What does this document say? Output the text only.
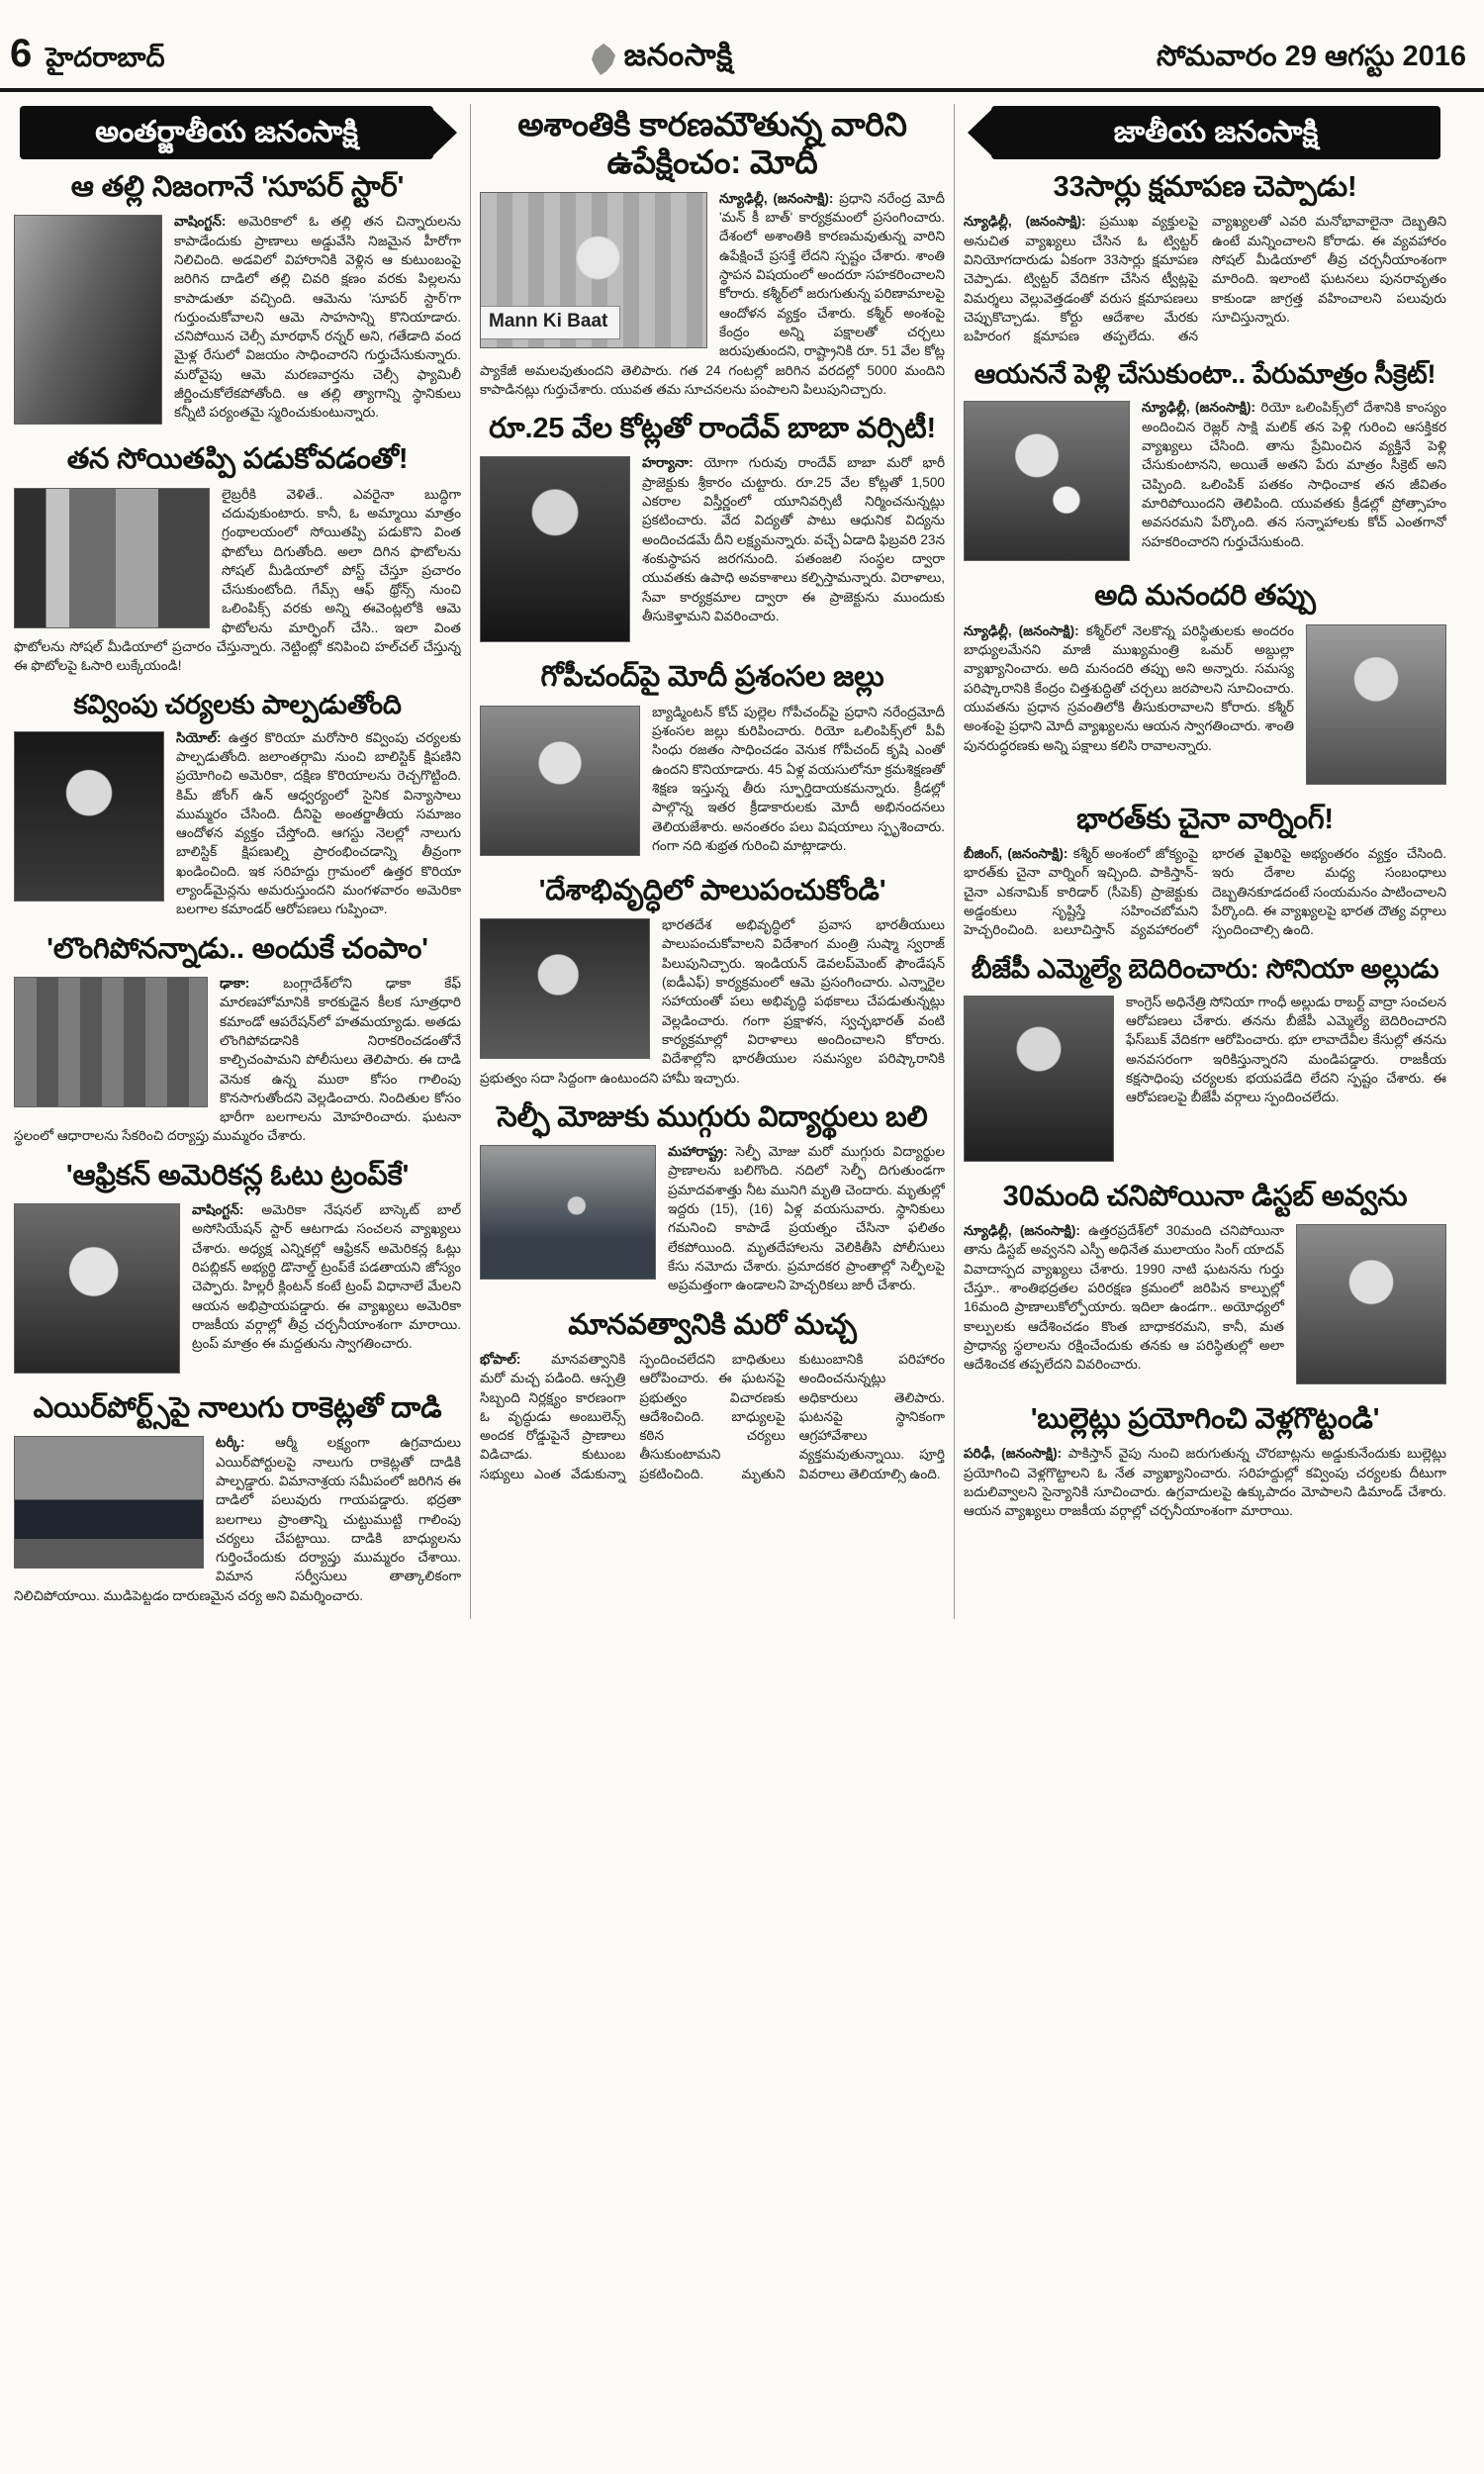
6 హైదరాబాద్	జనంసాక్షి	సోమవారం 29 ఆగస్టు 2016
అంతర్జాతీయ జనంసాక్షి
ఆ తల్లి నిజంగానే 'సూపర్ స్టార్'
వాషింగ్టన్: అమెరికాలో ఓ తల్లి తన చిన్నారులను కాపాడేందుకు ప్రాణాలు అడ్డువేసి నిజమైన హీరోగా నిలిచింది. అడవిలో విహారానికి వెళ్లిన ఆ కుటుంబంపై జరిగిన దాడిలో తల్లి చివరి క్షణం వరకు పిల్లలను కాపాడుతూ వచ్చింది. ఆమెను 'సూపర్ స్టార్'గా గుర్తుంచుకోవాలని ఆమె సాహసాన్ని కొనియాడారు. చనిపోయిన చెల్సీ మారథాన్ రన్నర్ అని, గతేడాది వంద మైళ్ల రేసులో విజయం సాధించారని గుర్తుచేసుకున్నారు. మరోవైపు ఆమె మరణవార్తను చెల్సీ ఫ్యామిలీ జీర్ణించుకోలేకపోతోంది. ఆ తల్లి త్యాగాన్ని స్థానికులు కన్నీటి పర్యంతమై స్మరించుకుంటున్నారు.
తన సోయితప్పి పడుకోవడంతో!
లైబ్రరీకి వెళితే.. ఎవరైనా బుద్ధిగా చదువుకుంటారు. కానీ, ఓ అమ్మాయి మాత్రం గ్రంథాలయంలో సోయితప్పి పడుకొని వింత ఫొటోలు దిగుతోంది. అలా దిగిన ఫొటోలను సోషల్ మీడియాలో పోస్ట్ చేస్తూ ప్రచారం చేసుకుంటోంది. గేమ్స్ ఆఫ్ థ్రోన్స్ నుంచి ఒలింపిక్స్ వరకు అన్ని ఈవెంట్లలోకి ఆమె ఫొటోలను మార్ఫింగ్ చేసి.. ఇలా వింత ఫొటోలను సోషల్ మీడియాలో ప్రచారం చేస్తున్నారు. నెట్టింట్లో కనిపించి హల్‌చల్ చేస్తున్న ఈ ఫొటోలపై ఓసారి లుక్కేయండి!
కవ్వింపు చర్యలకు పాల్పడుతోంది
సియోల్: ఉత్తర కొరియా మరోసారి కవ్వింపు చర్యలకు పాల్పడుతోంది. జలాంతర్గామి నుంచి బాలిస్టిక్ క్షిపణిని ప్రయోగించి అమెరికా, దక్షిణ కొరియాలను రెచ్చగొట్టింది. కిమ్ జోంగ్ ఉన్ ఆధ్వర్యంలో సైనిక విన్యాసాలు ముమ్మరం చేసింది. దీనిపై అంతర్జాతీయ సమాజం ఆందోళన వ్యక్తం చేస్తోంది. ఆగస్టు నెలల్లో నాలుగు బాలిస్టిక్ క్షిపణుల్ని ప్రారంభించడాన్ని తీవ్రంగా ఖండించింది. ఇక సరిహద్దు గ్రామంలో ఉత్తర కొరియా ల్యాండ్‌మైన్లను అమరుస్తుందని మంగళవారం అమెరికా బలగాల కమాండర్ ఆరోపణలు గుప్పించా.
'లొంగిపోనన్నాడు.. అందుకే చంపాం'
ఢాకా: బంగ్లాదేశ్‌లోని ఢాకా కేఫ్ మారణహోమానికి కారకుడైన కీలక సూత్రధారి కమాండో ఆపరేషన్‌లో హతమయ్యాడు. అతడు లొంగిపోవడానికి నిరాకరించడంతోనే కాల్చిచంపామని పోలీసులు తెలిపారు. ఈ దాడి వెనుక ఉన్న ముఠా కోసం గాలింపు కొనసాగుతోందని వెల్లడించారు. నిందితుల కోసం భారీగా బలగాలను మోహరించారు. ఘటనా స్థలంలో ఆధారాలను సేకరించి దర్యాప్తు ముమ్మరం చేశారు.
'ఆఫ్రికన్ అమెరికన్ల ఓటు ట్రంప్‌కే'
వాషింగ్టన్: అమెరికా నేషనల్ బాస్కెట్ బాల్ అసోసియేషన్ స్టార్ ఆటగాడు సంచలన వ్యాఖ్యలు చేశారు. అధ్యక్ష ఎన్నికల్లో ఆఫ్రికన్ అమెరికన్ల ఓట్లు రిపబ్లికన్ అభ్యర్థి డొనాల్డ్ ట్రంప్‌కే పడతాయని జోస్యం చెప్పారు. హిల్లరీ క్లింటన్ కంటే ట్రంప్ విధానాలే మేలని ఆయన అభిప్రాయపడ్డారు. ఈ వ్యాఖ్యలు అమెరికా రాజకీయ వర్గాల్లో తీవ్ర చర్చనీయాంశంగా మారాయి. ట్రంప్ మాత్రం ఈ మద్దతును స్వాగతించారు.
ఎయిర్‌పోర్ట్స్‌పై నాలుగు రాకెట్లతో దాడి
టర్కీ: ఆర్మీ లక్ష్యంగా ఉగ్రవాదులు ఎయిర్‌పోర్టులపై నాలుగు రాకెట్లతో దాడికి పాల్పడ్డారు. విమానాశ్రయ సమీపంలో జరిగిన ఈ దాడిలో పలువురు గాయపడ్డారు. భద్రతా బలగాలు ప్రాంతాన్ని చుట్టుముట్టి గాలింపు చర్యలు చేపట్టాయి. దాడికి బాధ్యులను గుర్తించేందుకు దర్యాప్తు ముమ్మరం చేశాయి. విమాన సర్వీసులు తాత్కాలికంగా నిలిచిపోయాయి. ముడిపెట్టడం దారుణమైన చర్య అని విమర్శించారు.
అశాంతికి కారణమౌతున్న వారిని ఉపేక్షించం: మోదీ
Mann Ki Baat
న్యూఢిల్లీ, (జనంసాక్షి): ప్రధాని నరేంద్ర మోదీ 'మన్ కీ బాత్' కార్యక్రమంలో ప్రసంగించారు. దేశంలో అశాంతికి కారణమవుతున్న వారిని ఉపేక్షించే ప్రసక్తే లేదని స్పష్టం చేశారు. శాంతి స్థాపన విషయంలో అందరూ సహకరించాలని కోరారు. కశ్మీర్‌లో జరుగుతున్న పరిణామాలపై ఆందోళన వ్యక్తం చేశారు. కశ్మీర్ అంశంపై కేంద్రం అన్ని పక్షాలతో చర్చలు జరుపుతుందని, రాష్ట్రానికి రూ. 51 వేల కోట్ల ప్యాకేజీ అమలవుతుందని తెలిపారు. గత 24 గంటల్లో జరిగిన వరదల్లో 5000 మందిని కాపాడినట్లు గుర్తుచేశారు. యువత తమ సూచనలను పంపాలని పిలుపునిచ్చారు.
రూ.25 వేల కోట్లతో రాందేవ్ బాబా వర్సిటీ!
హర్యానా: యోగా గురువు రాందేవ్ బాబా మరో భారీ ప్రాజెక్టుకు శ్రీకారం చుట్టారు. రూ.25 వేల కోట్లతో 1,500 ఎకరాల విస్తీర్ణంలో యూనివర్సిటీ నిర్మించనున్నట్లు ప్రకటించారు. వేద విద్యతో పాటు ఆధునిక విద్యను అందించడమే దీని లక్ష్యమన్నారు. వచ్చే ఏడాది ఫిబ్రవరి 23న శంకుస్థాపన జరగనుంది. పతంజలి సంస్థల ద్వారా యువతకు ఉపాధి అవకాశాలు కల్పిస్తామన్నారు. విరాళాలు, సేవా కార్యక్రమాల ద్వారా ఈ ప్రాజెక్టును ముందుకు తీసుకెళ్తామని వివరించారు.
గోపీచంద్‌పై మోదీ ప్రశంసల జల్లు
బ్యాడ్మింటన్ కోచ్ పుల్లెల గోపీచంద్‌పై ప్రధాని నరేంద్రమోదీ ప్రశంసల జల్లు కురిపించారు. రియో ఒలింపిక్స్‌లో పీవీ సింధు రజతం సాధించడం వెనుక గోపీచంద్ కృషి ఎంతో ఉందని కొనియాడారు. 45 ఏళ్ల వయసులోనూ క్రమశిక్షణతో శిక్షణ ఇస్తున్న తీరు స్ఫూర్తిదాయకమన్నారు. క్రీడల్లో పాల్గొన్న ఇతర క్రీడాకారులకు మోదీ అభినందనలు తెలియజేశారు. అనంతరం పలు విషయాలు స్పృశించారు. గంగా నది శుభ్రత గురించి మాట్లాడారు.
'దేశాభివృద్ధిలో పాలుపంచుకోండి'
భారతదేశ అభివృద్ధిలో ప్రవాస భారతీయులు పాలుపంచుకోవాలని విదేశాంగ మంత్రి సుష్మా స్వరాజ్ పిలుపునిచ్చారు. ఇండియన్ డెవలప్‌మెంట్ ఫౌండేషన్ (ఐడీఎఫ్) కార్యక్రమంలో ఆమె ప్రసంగించారు. ఎన్నారైల సహాయంతో పలు అభివృద్ధి పథకాలు చేపడుతున్నట్లు వెల్లడించారు. గంగా ప్రక్షాళన, స్వచ్ఛభారత్ వంటి కార్యక్రమాల్లో విరాళాలు అందించాలని కోరారు. విదేశాల్లోని భారతీయుల సమస్యల పరిష్కారానికి ప్రభుత్వం సదా సిద్ధంగా ఉంటుందని హామీ ఇచ్చారు.
సెల్ఫీ మోజుకు ముగ్గురు విద్యార్థులు బలి
మహారాష్ట్ర: సెల్ఫీ మోజు మరో ముగ్గురు విద్యార్థుల ప్రాణాలను బలిగొంది. నదిలో సెల్ఫీ దిగుతుండగా ప్రమాదవశాత్తు నీట మునిగి మృతి చెందారు. మృతుల్లో ఇద్దరు (15), (16) ఏళ్ల వయసువారు. స్థానికులు గమనించి కాపాడే ప్రయత్నం చేసినా ఫలితం లేకపోయింది. మృతదేహాలను వెలికితీసి పోలీసులు కేసు నమోదు చేశారు. ప్రమాదకర ప్రాంతాల్లో సెల్ఫీలపై అప్రమత్తంగా ఉండాలని హెచ్చరికలు జారీ చేశారు.
మానవత్వానికి మరో మచ్చ
భోపాల్: మానవత్వానికి మరో మచ్చ పడింది. ఆస్పత్రి సిబ్బంది నిర్లక్ష్యం కారణంగా ఓ వృద్ధుడు అంబులెన్స్ అందక రోడ్డుపైనే ప్రాణాలు విడిచాడు. కుటుంబ సభ్యులు ఎంత వేడుకున్నా స్పందించలేదని బాధితులు ఆరోపించారు. ఈ ఘటనపై ప్రభుత్వం విచారణకు ఆదేశించింది. బాధ్యులపై కఠిన చర్యలు తీసుకుంటామని ప్రకటించింది. మృతుని కుటుంబానికి పరిహారం అందించనున్నట్లు అధికారులు తెలిపారు. ఘటనపై స్థానికంగా ఆగ్రహావేశాలు వ్యక్తమవుతున్నాయి. పూర్తి వివరాలు తెలియాల్సి ఉంది.
జాతీయ జనంసాక్షి
33సార్లు క్షమాపణ చెప్పాడు!
న్యూఢిల్లీ, (జనంసాక్షి): ప్రముఖ వ్యక్తులపై అనుచిత వ్యాఖ్యలు చేసిన ఓ ట్విట్టర్ వినియోగదారుడు ఏకంగా 33సార్లు క్షమాపణ చెప్పాడు. ట్విట్టర్ వేదికగా చేసిన ట్వీట్లపై విమర్శలు వెల్లువెత్తడంతో వరుస క్షమాపణలు చెప్పుకొచ్చాడు. కోర్టు ఆదేశాల మేరకు బహిరంగ క్షమాపణ తప్పలేదు. తన వ్యాఖ్యలతో ఎవరి మనోభావాలైనా దెబ్బతిని ఉంటే మన్నించాలని కోరాడు. ఈ వ్యవహారం సోషల్ మీడియాలో తీవ్ర చర్చనీయాంశంగా మారింది. ఇలాంటి ఘటనలు పునరావృతం కాకుండా జాగ్రత్త వహించాలని పలువురు సూచిస్తున్నారు.
ఆయననే పెళ్లి చేసుకుంటా.. పేరుమాత్రం సీక్రెట్!
న్యూఢిల్లీ, (జనంసాక్షి): రియో ఒలింపిక్స్‌లో దేశానికి కాంస్యం అందించిన రెజ్లర్ సాక్షి మలిక్ తన పెళ్లి గురించి ఆసక్తికర వ్యాఖ్యలు చేసింది. తాను ప్రేమించిన వ్యక్తినే పెళ్లి చేసుకుంటానని, అయితే అతని పేరు మాత్రం సీక్రెట్ అని చెప్పింది. ఒలింపిక్ పతకం సాధించాక తన జీవితం మారిపోయిందని తెలిపింది. యువతకు క్రీడల్లో ప్రోత్సాహం అవసరమని పేర్కొంది. తన సన్నాహాలకు కోచ్ ఎంతగానో సహకరించారని గుర్తుచేసుకుంది.
అది మనందరి తప్పు
న్యూఢిల్లీ, (జనంసాక్షి): కశ్మీర్‌లో నెలకొన్న పరిస్థితులకు అందరం బాధ్యులమేనని మాజీ ముఖ్యమంత్రి ఒమర్ అబ్దుల్లా వ్యాఖ్యానించారు. అది మనందరి తప్పు అని అన్నారు. సమస్య పరిష్కారానికి కేంద్రం చిత్తశుద్ధితో చర్చలు జరపాలని సూచించారు. యువతను ప్రధాన స్రవంతిలోకి తీసుకురావాలని కోరారు. కశ్మీర్ అంశంపై ప్రధాని మోదీ వ్యాఖ్యలను ఆయన స్వాగతించారు. శాంతి పునరుద్ధరణకు అన్ని పక్షాలు కలిసి రావాలన్నారు.
భారత్‌కు చైనా వార్నింగ్!
బీజింగ్, (జనంసాక్షి): కశ్మీర్ అంశంలో జోక్యంపై భారత్‌కు చైనా వార్నింగ్ ఇచ్చింది. పాకిస్తాన్-చైనా ఎకనామిక్ కారిడార్ (సీపెక్) ప్రాజెక్టుకు అడ్డంకులు సృష్టిస్తే సహించబోమని హెచ్చరించింది. బలూచిస్తాన్ వ్యవహారంలో భారత వైఖరిపై అభ్యంతరం వ్యక్తం చేసింది. ఇరు దేశాల మధ్య సంబంధాలు దెబ్బతినకూడదంటే సంయమనం పాటించాలని పేర్కొంది. ఈ వ్యాఖ్యలపై భారత దౌత్య వర్గాలు స్పందించాల్సి ఉంది.
బీజేపీ ఎమ్మెల్యే బెదిరించారు: సోనియా అల్లుడు
కాంగ్రెస్ అధినేత్రి సోనియా గాంధీ అల్లుడు రాబర్ట్ వాద్రా సంచలన ఆరోపణలు చేశారు. తనను బీజేపీ ఎమ్మెల్యే బెదిరించారని ఫేస్‌బుక్ వేదికగా ఆరోపించారు. భూ లావాదేవీల కేసుల్లో తనను అనవసరంగా ఇరికిస్తున్నారని మండిపడ్డారు. రాజకీయ కక్షసాధింపు చర్యలకు భయపడేది లేదని స్పష్టం చేశారు. ఈ ఆరోపణలపై బీజేపీ వర్గాలు స్పందించలేదు.
30మంది చనిపోయినా డిస్టబ్ అవ్వను
న్యూఢిల్లీ, (జనంసాక్షి): ఉత్తరప్రదేశ్‌లో 30మంది చనిపోయినా తాను డిస్టబ్ అవ్వనని ఎస్పీ అధినేత ములాయం సింగ్ యాదవ్ వివాదాస్పద వ్యాఖ్యలు చేశారు. 1990 నాటి ఘటనను గుర్తు చేస్తూ.. శాంతిభద్రతల పరిరక్షణ క్రమంలో జరిపిన కాల్పుల్లో 16మంది ప్రాణాలుకోల్పోయారు. ఇదిలా ఉండగా.. అయోధ్యలో కాల్పులకు ఆదేశించడం కొంత బాధాకరమని, కానీ, మత ప్రాధాన్య స్థలాలను రక్షించేందుకు తనకు ఆ పరిస్థితుల్లో అలా ఆదేశించక తప్పలేదని వివరించారు.
'బుల్లెట్లు ప్రయోగించి వెళ్లగొట్టండి'
పరిఢీ, (జనంసాక్షి): పాకిస్తాన్ వైపు నుంచి జరుగుతున్న చొరబాట్లను అడ్డుకునేందుకు బుల్లెట్లు ప్రయోగించి వెళ్లగొట్టాలని ఓ నేత వ్యాఖ్యానించారు. సరిహద్దుల్లో కవ్వింపు చర్యలకు దీటుగా బదులివ్వాలని సైన్యానికి సూచించారు. ఉగ్రవాదులపై ఉక్కుపాదం మోపాలని డిమాండ్ చేశారు. ఆయన వ్యాఖ్యలు రాజకీయ వర్గాల్లో చర్చనీయాంశంగా మారాయి.
